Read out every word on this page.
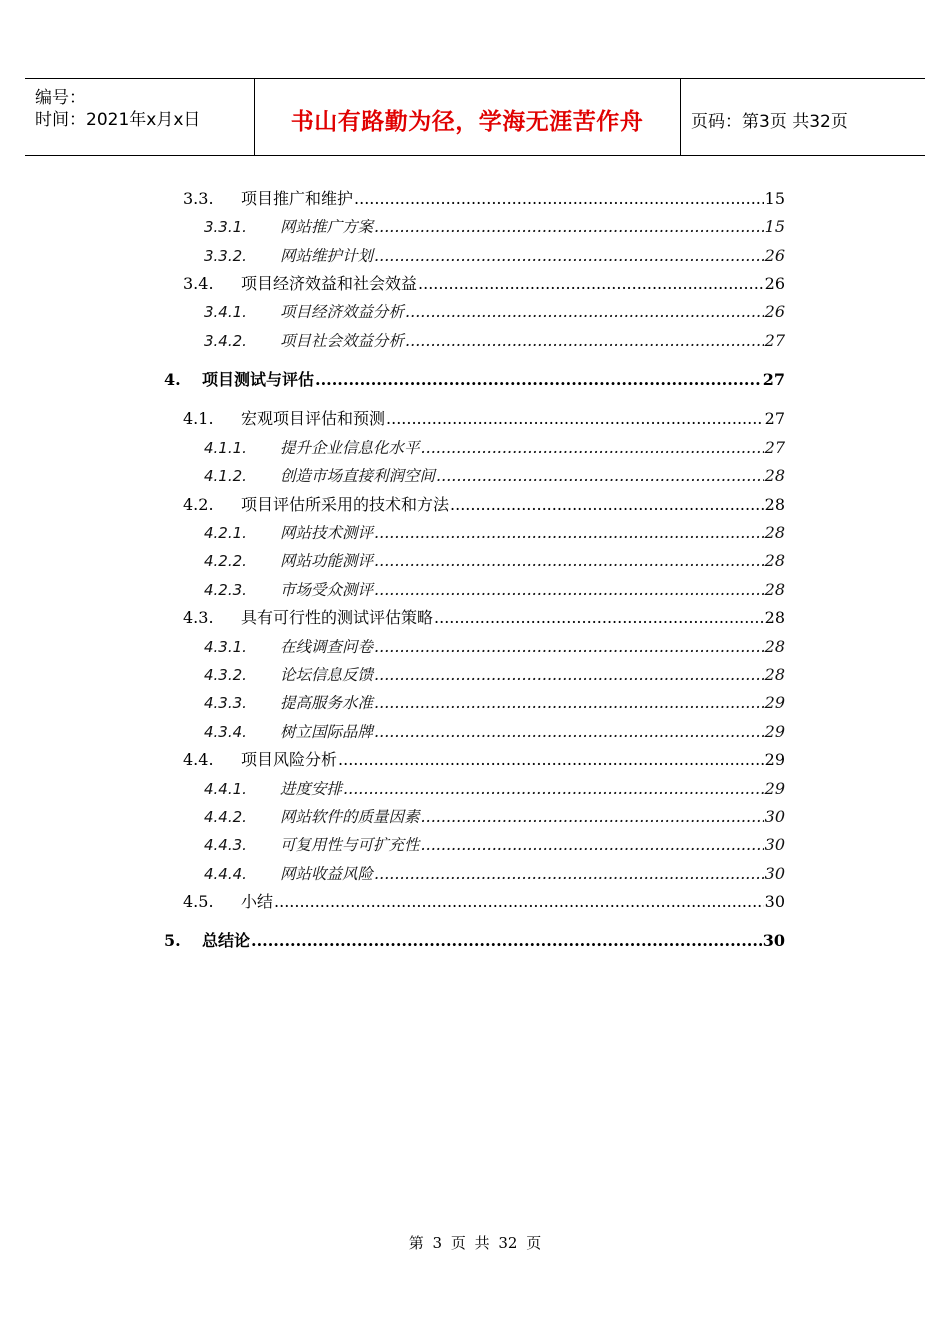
编号：
时间：2021年x月x日	书山有路勤为径，学海无涯苦作舟	页码：第3页 共32页
3.3.	项目推广和维护 .....	15
3.3.1.	网站推广方案 .....	15
3.3.2.	网站维护计划 .....	26
3.4.	项目经济效益和社会效益 .....	26
3.4.1.	项目经济效益分析 .....	26
3.4.2.	项目社会效益分析 .....	27
4.	项目测试与评估 .....	27
4.1.	宏观项目评估和预测 .....	27
4.1.1.	提升企业信息化水平 .....	27
4.1.2.	创造市场直接利润空间 .....	28
4.2.	项目评估所采用的技术和方法 .....	28
4.2.1.	网站技术测评 .....	28
4.2.2.	网站功能测评 .....	28
4.2.3.	市场受众测评 .....	28
4.3.	具有可行性的测试评估策略 .....	28
4.3.1.	在线调查问卷 .....	28
4.3.2.	论坛信息反馈 .....	28
4.3.3.	提高服务水准 .....	29
4.3.4.	树立国际品牌 .....	29
4.4.	项目风险分析 .....	29
4.4.1.	进度安排 .....	29
4.4.2.	网站软件的质量因素 .....	30
4.4.3.	可复用性与可扩充性 .....	30
4.4.4.	网站收益风险 .....	30
4.5.	小结 .....	30
5.	总结论 .....	30
第 3 页 共 32 页
